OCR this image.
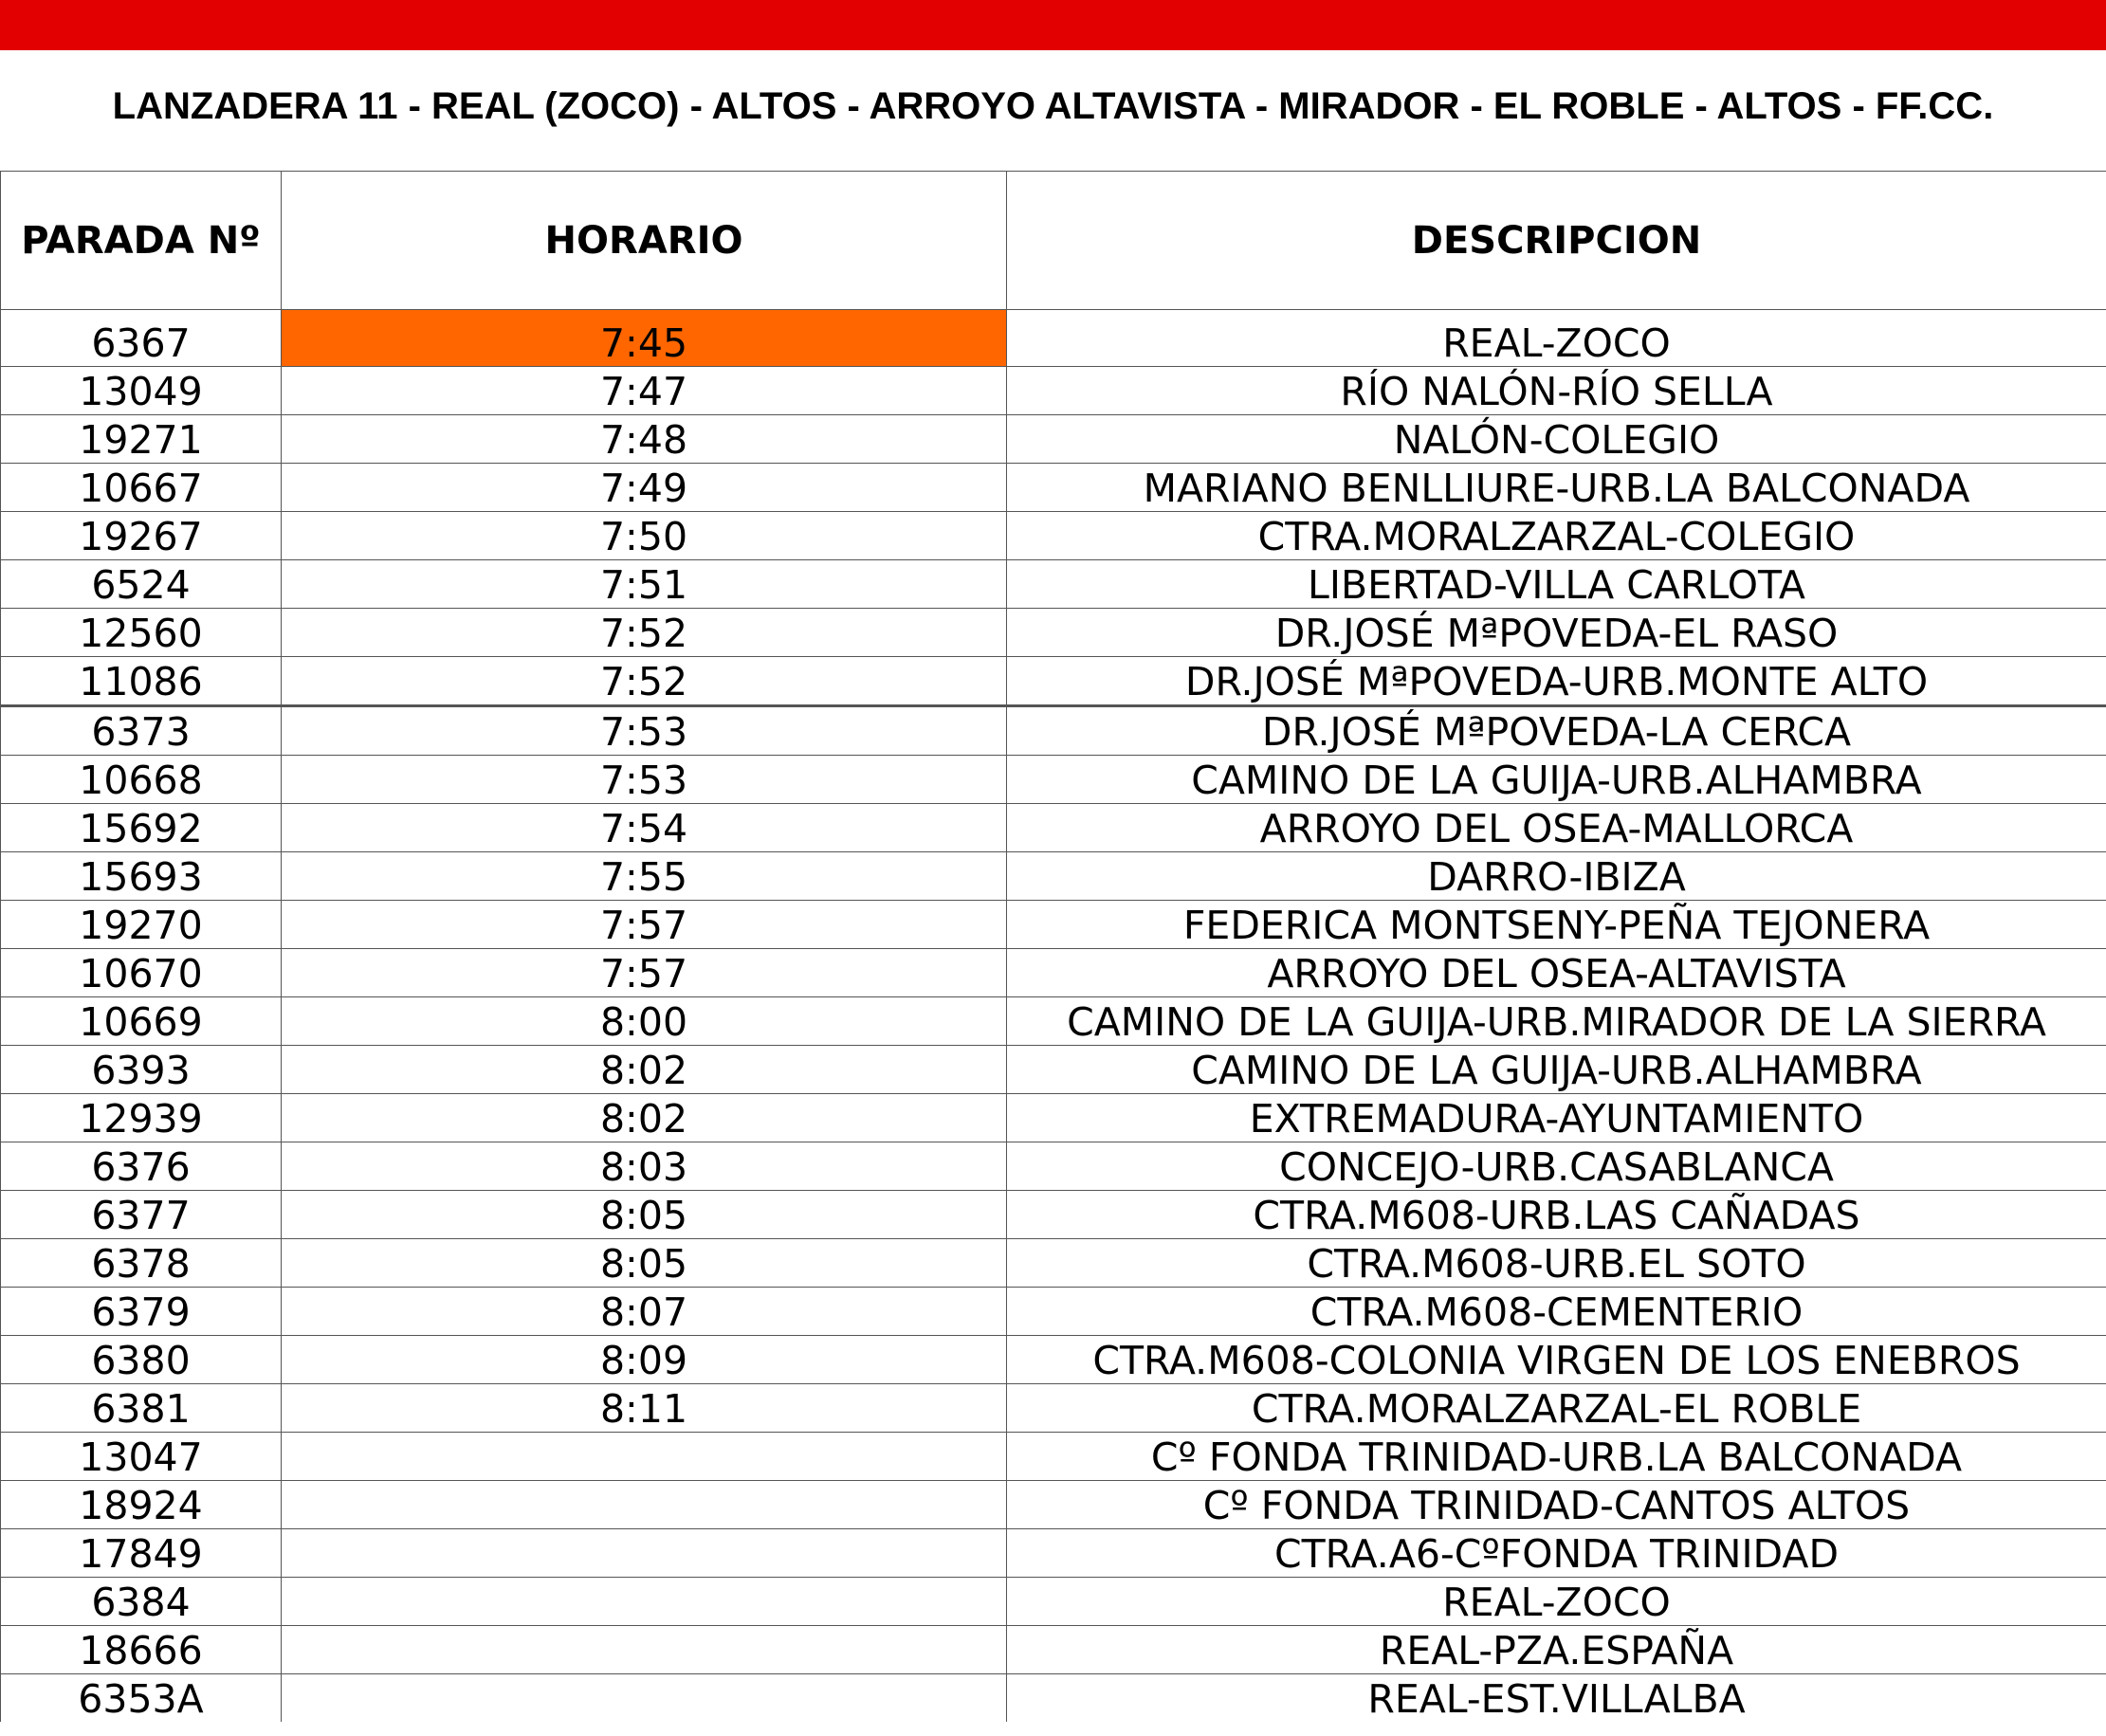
LANZADERA 11 - REAL (ZOCO) - ALTOS - ARROYO ALTAVISTA - MIRADOR - EL ROBLE - ALTOS - FF.CC.
PARADA Nº	HORARIO	DESCRIPCION
6367	7:45	REAL-ZOCO
13049	7:47	RÍO NALÓN-RÍO SELLA
19271	7:48	NALÓN-COLEGIO
10667	7:49	MARIANO BENLLIURE-URB.LA BALCONADA
19267	7:50	CTRA.MORALZARZAL-COLEGIO
6524	7:51	LIBERTAD-VILLA CARLOTA
12560	7:52	DR.JOSÉ MªPOVEDA-EL RASO
11086	7:52	DR.JOSÉ MªPOVEDA-URB.MONTE ALTO
6373	7:53	DR.JOSÉ MªPOVEDA-LA CERCA
10668	7:53	CAMINO DE LA GUIJA-URB.ALHAMBRA
15692	7:54	ARROYO DEL OSEA-MALLORCA
15693	7:55	DARRO-IBIZA
19270	7:57	FEDERICA MONTSENY-PEÑA TEJONERA
10670	7:57	ARROYO DEL OSEA-ALTAVISTA
10669	8:00	CAMINO DE LA GUIJA-URB.MIRADOR DE LA SIERRA
6393	8:02	CAMINO DE LA GUIJA-URB.ALHAMBRA
12939	8:02	EXTREMADURA-AYUNTAMIENTO
6376	8:03	CONCEJO-URB.CASABLANCA
6377	8:05	CTRA.M608-URB.LAS CAÑADAS
6378	8:05	CTRA.M608-URB.EL SOTO
6379	8:07	CTRA.M608-CEMENTERIO
6380	8:09	CTRA.M608-COLONIA VIRGEN DE LOS ENEBROS
6381	8:11	CTRA.MORALZARZAL-EL ROBLE
13047		Cº FONDA TRINIDAD-URB.LA BALCONADA
18924		Cº FONDA TRINIDAD-CANTOS ALTOS
17849		CTRA.A6-CºFONDA TRINIDAD
6384		REAL-ZOCO
18666		REAL-PZA.ESPAÑA
6353A		REAL-EST.VILLALBA
